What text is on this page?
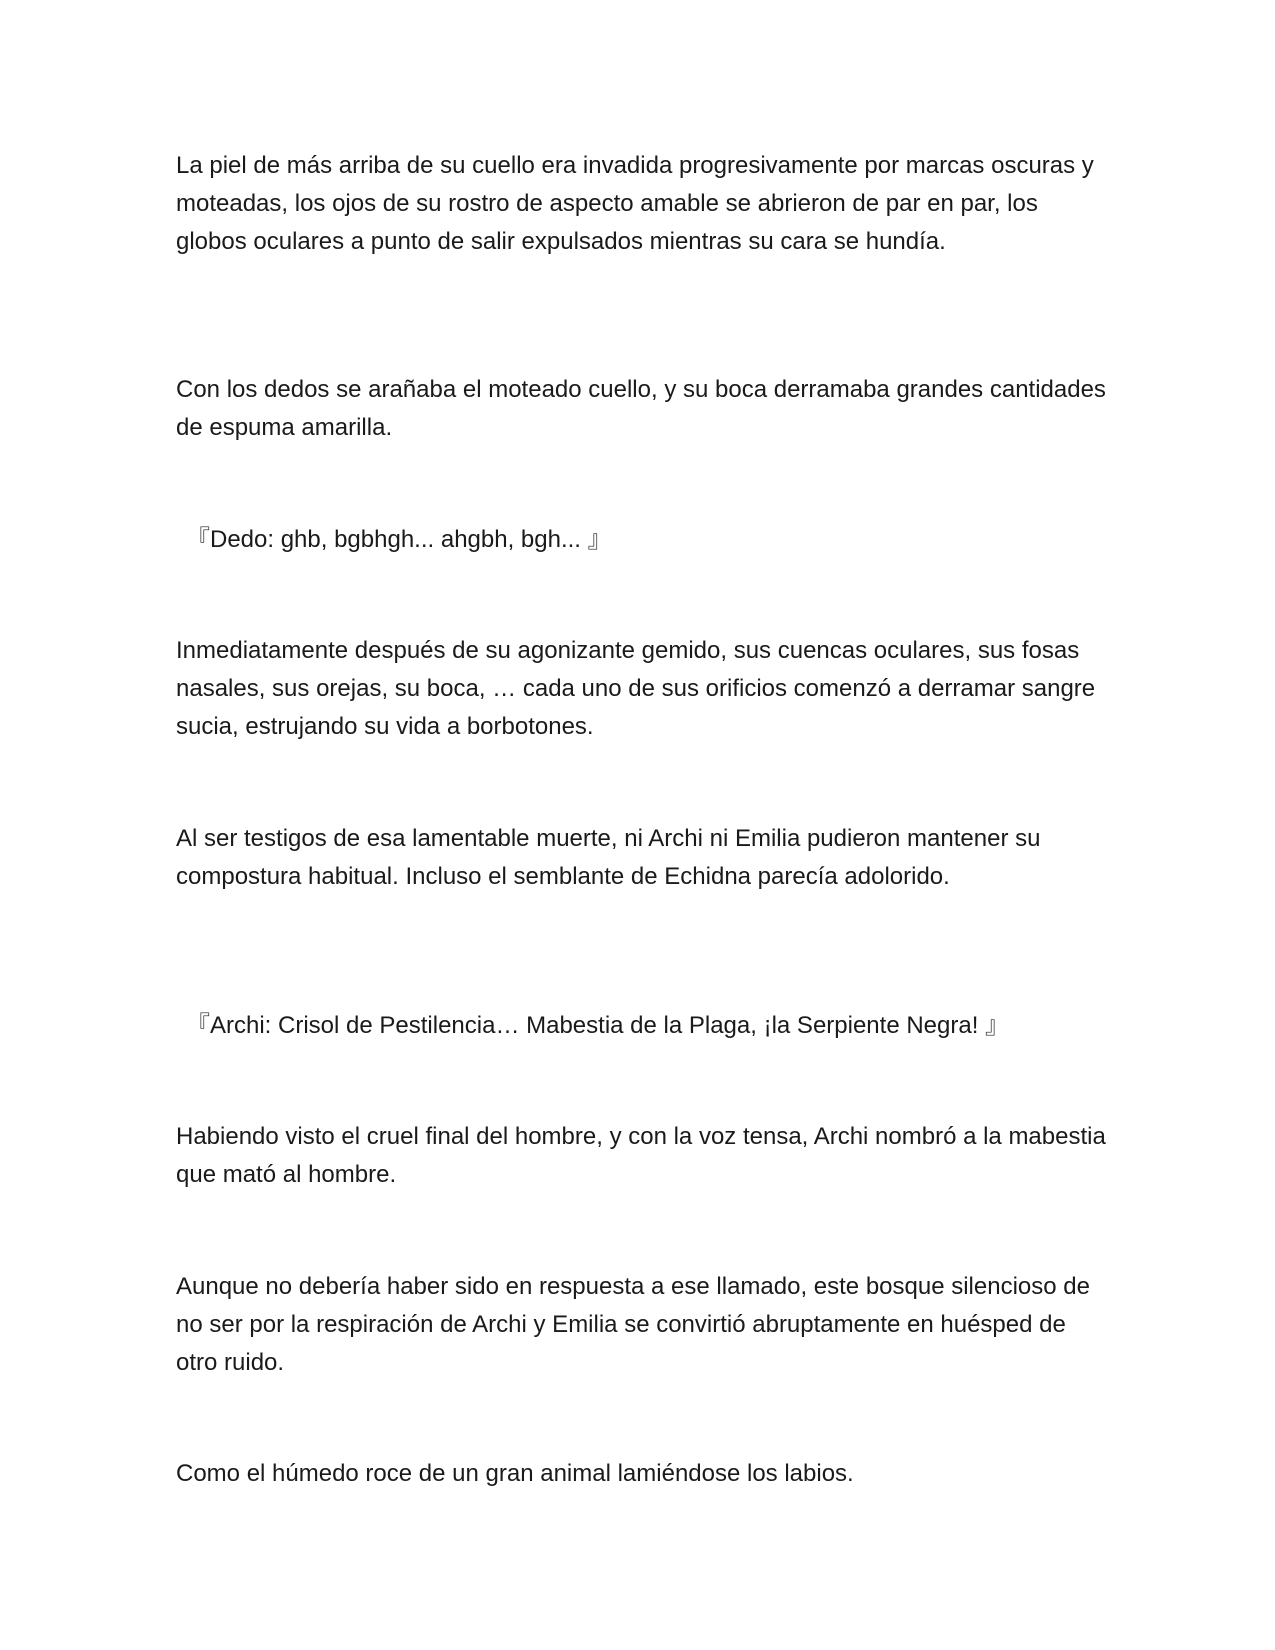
La piel de más arriba de su cuello era invadida progresivamente por marcas oscuras y moteadas, los ojos de su rostro de aspecto amable se abrieron de par en par, los globos oculares a punto de salir expulsados mientras su cara se hundía.

Con los dedos se arañaba el moteado cuello, y su boca derramaba grandes cantidades de espuma amarilla.

『Dedo: ghb, bgbhgh... ahgbh, bgh... 』

Inmediatamente después de su agonizante gemido, sus cuencas oculares, sus fosas nasales, sus orejas, su boca, … cada uno de sus orificios comenzó a derramar sangre sucia, estrujando su vida a borbotones.

Al ser testigos de esa lamentable muerte, ni Archi ni Emilia pudieron mantener su compostura habitual. Incluso el semblante de Echidna parecía adolorido.

『Archi: Crisol de Pestilencia… Mabestia de la Plaga, ¡la Serpiente Negra! 』

Habiendo visto el cruel final del hombre, y con la voz tensa, Archi nombró a la mabestia que mató al hombre.

Aunque no debería haber sido en respuesta a ese llamado, este bosque silencioso de no ser por la respiración de Archi y Emilia se convirtió abruptamente en huésped de otro ruido.

Como el húmedo roce de un gran animal lamiéndose los labios.
